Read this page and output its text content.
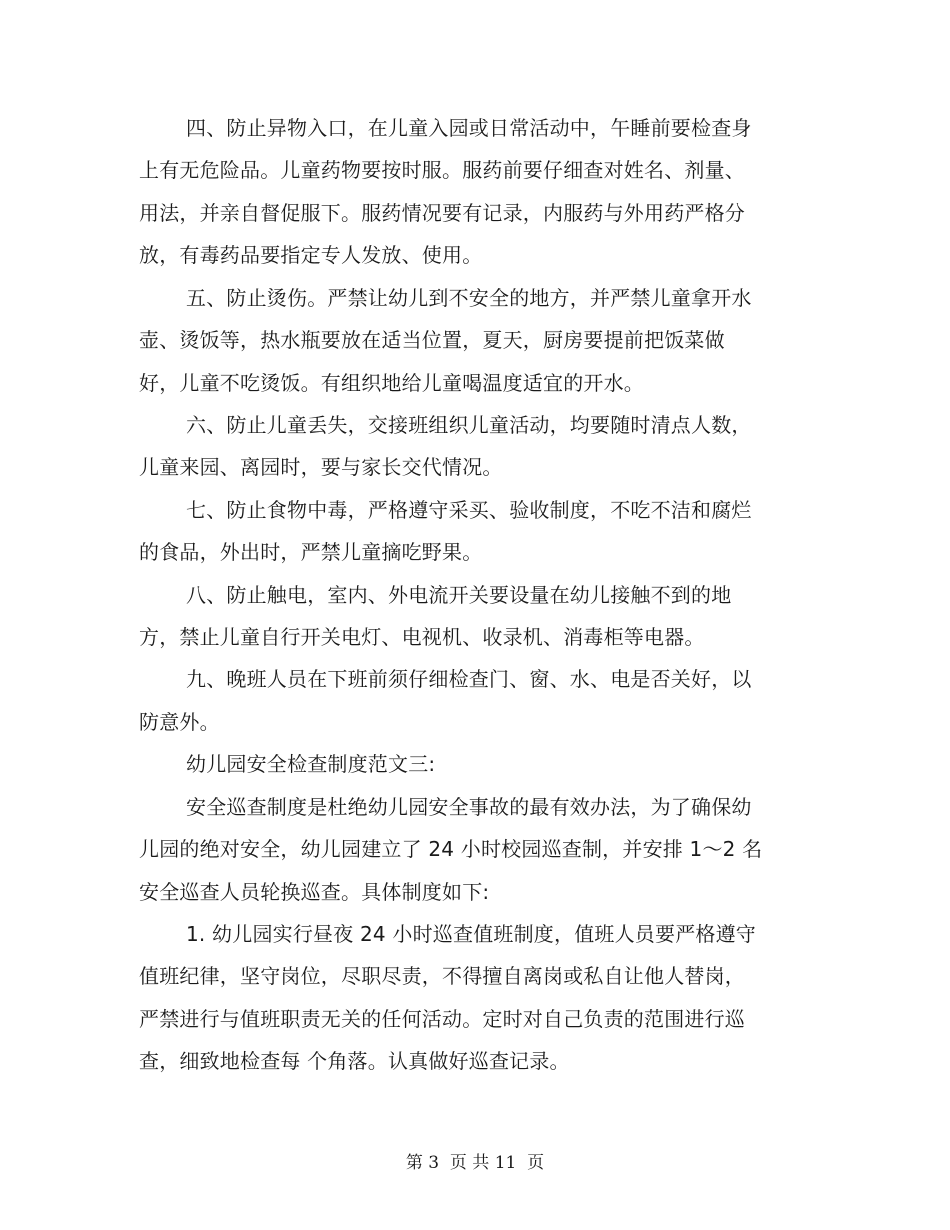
四、防止异物入口，在儿童入园或日常活动中，午睡前要检查身
上有无危险品。儿童药物要按时服。服药前要仔细查对姓名、剂量、
用法，并亲自督促服下。服药情况要有记录，内服药与外用药严格分
放，有毒药品要指定专人发放、使用。
五、防止烫伤。严禁让幼儿到不安全的地方，并严禁儿童拿开水
壶、烫饭等，热水瓶要放在适当位置，夏天，厨房要提前把饭菜做
好，儿童不吃烫饭。有组织地给儿童喝温度适宜的开水。
六、防止儿童丢失，交接班组织儿童活动，均要随时清点人数，
儿童来园、离园时，要与家长交代情况。
七、防止食物中毒，严格遵守采买、验收制度，不吃不洁和腐烂
的食品，外出时，严禁儿童摘吃野果。
八、防止触电，室内、外电流开关要设量在幼儿接触不到的地
方，禁止儿童自行开关电灯、电视机、收录机、消毒柜等电器。
九、晚班人员在下班前须仔细检查门、窗、水、电是否关好，以
防意外。
幼儿园安全检查制度范文三:
安全巡查制度是杜绝幼儿园安全事故的最有效办法，为了确保幼
儿园的绝对安全，幼儿园建立了 24 小时校园巡查制，并安排 1～2 名
安全巡查人员轮换巡查。具体制度如下:
1. 幼儿园实行昼夜 24 小时巡查值班制度，值班人员要严格遵守
值班纪律，坚守岗位，尽职尽责，不得擅自离岗或私自让他人替岗，
严禁进行与值班职责无关的任何活动。定时对自己负责的范围进行巡
查，细致地检查每 个角落。认真做好巡查记录。
第 3  页 共 11  页
